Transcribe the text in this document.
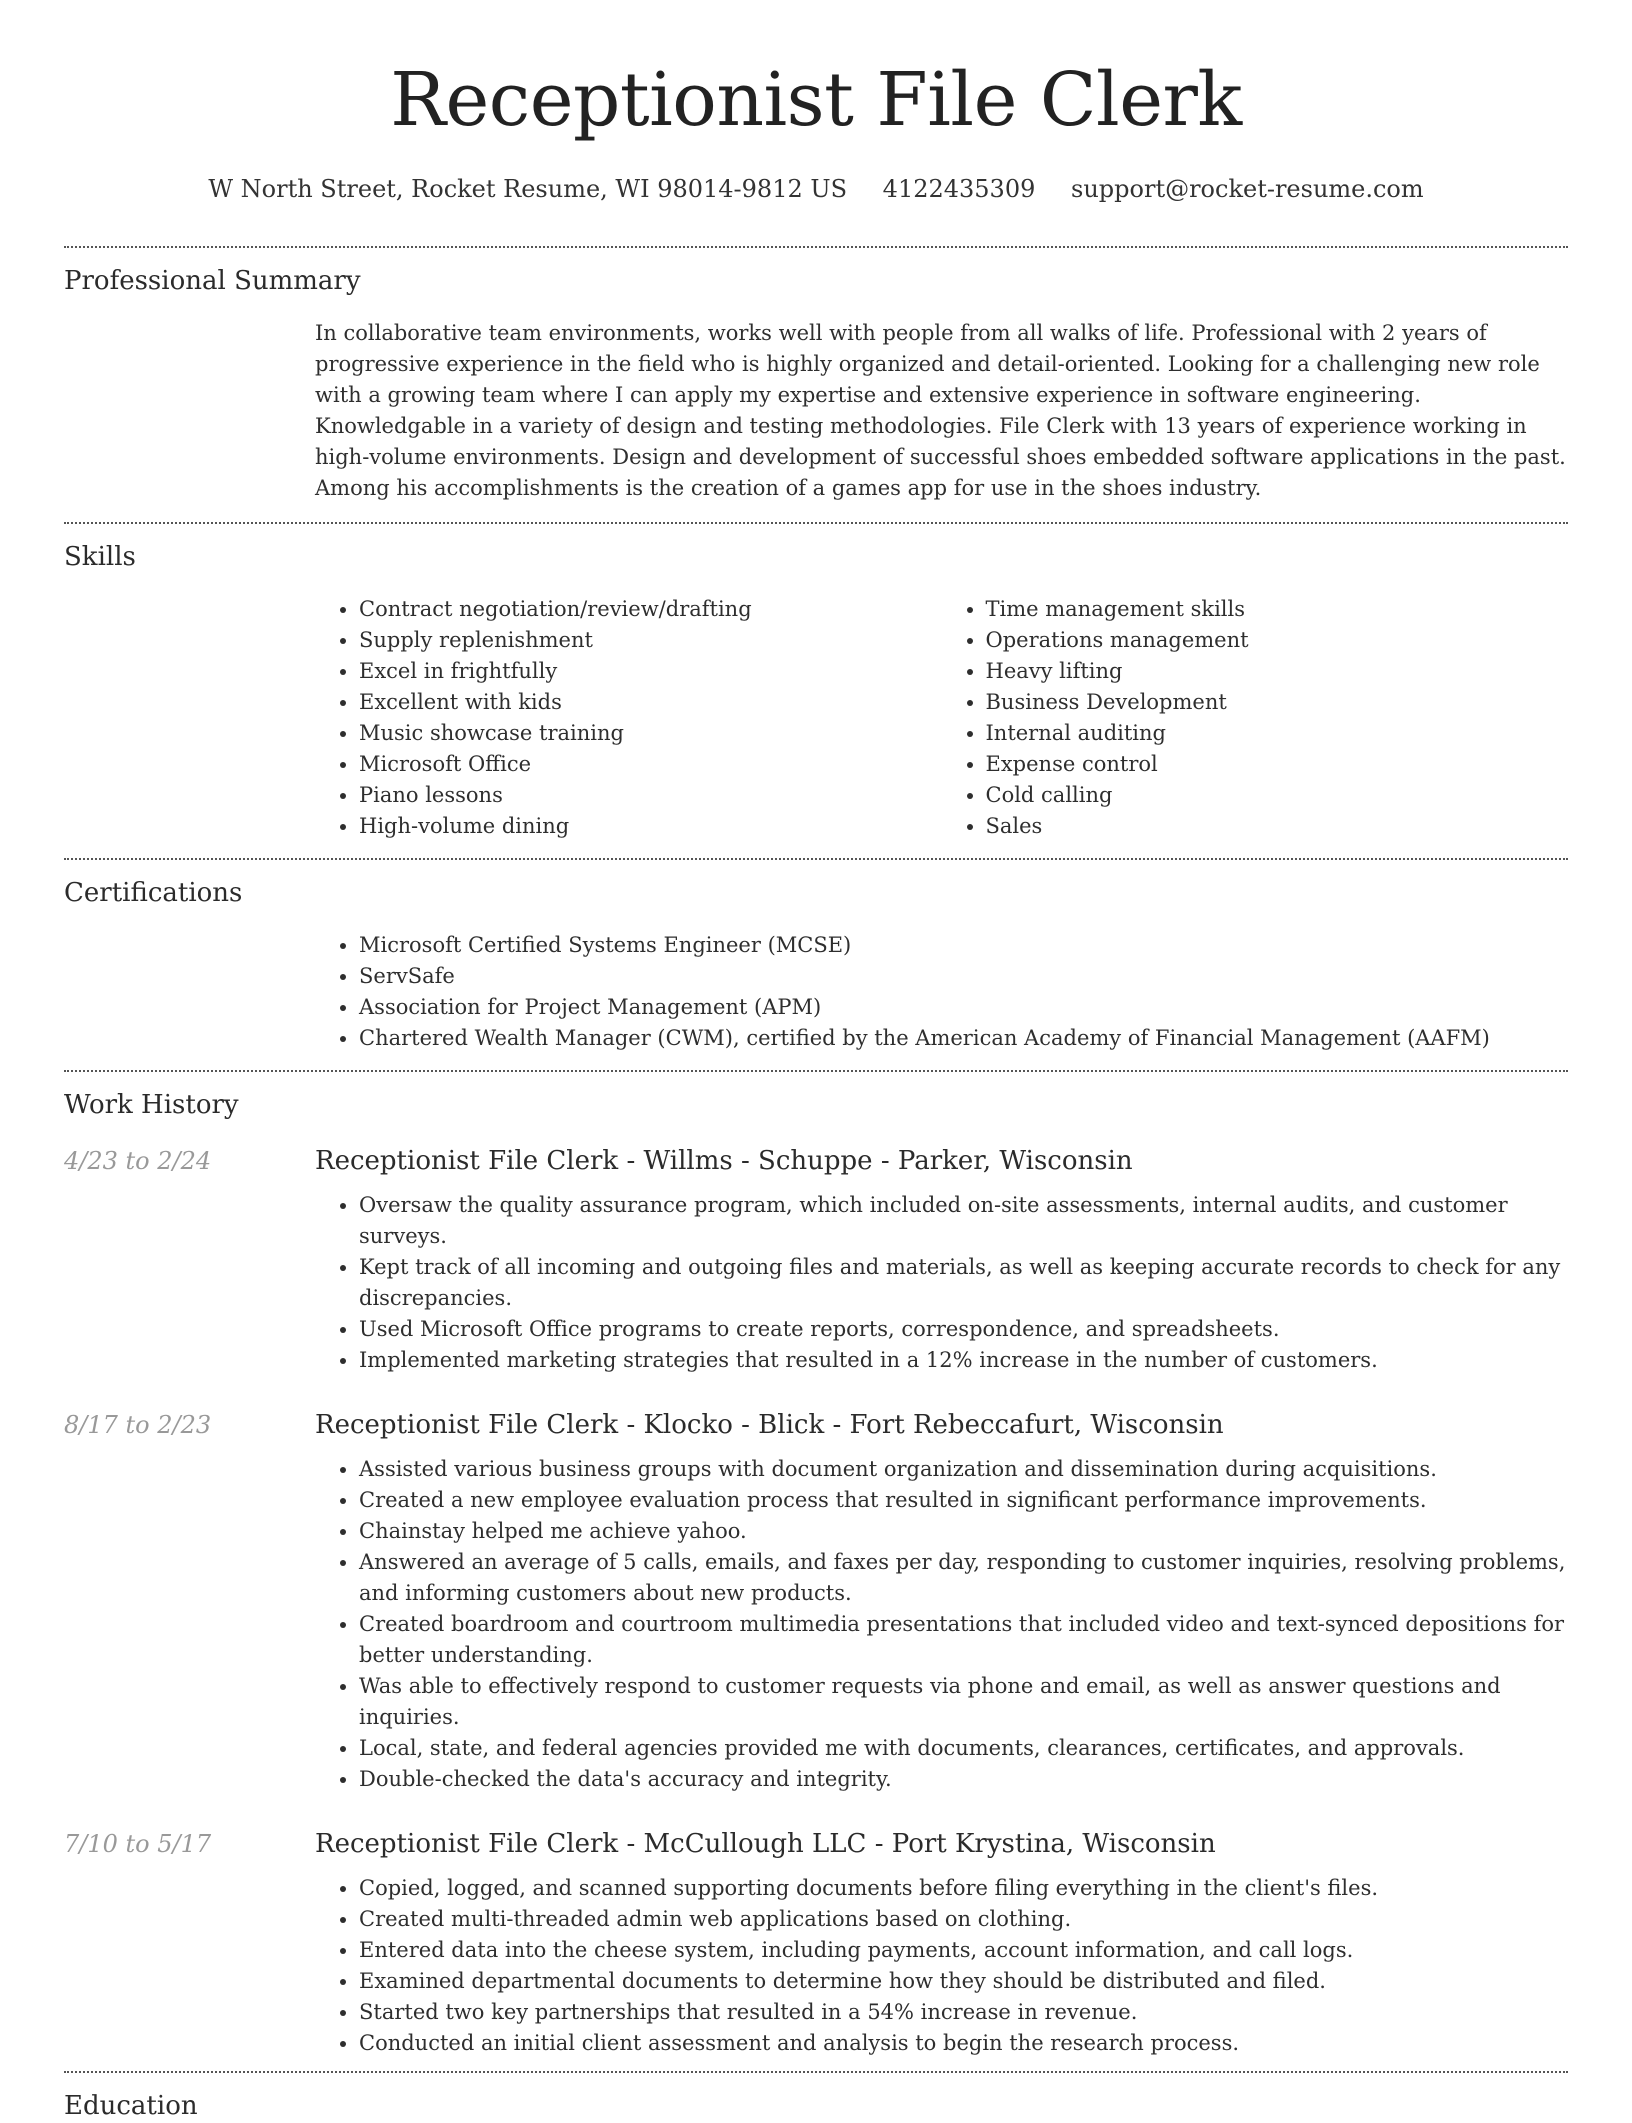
Receptionist File Clerk
W North Street, Rocket Resume, WI 98014-9812 US 4122435309 support@rocket-resume.com
Professional Summary
In collaborative team environments, works well with people from all walks of life. Professional with 2 years of progressive experience in the field who is highly organized and detail-oriented. Looking for a challenging new role with a growing team where I can apply my expertise and extensive experience in software engineering. Knowledgable in a variety of design and testing methodologies. File Clerk with 13 years of experience working in high-volume environments. Design and development of successful shoes embedded software applications in the past. Among his accomplishments is the creation of a games app for use in the shoes industry.
Skills
• Contract negotiation/review/drafting
• Supply replenishment
• Excel in frightfully
• Excellent with kids
• Music showcase training
• Microsoft Office
• Piano lessons
• High-volume dining
• Time management skills
• Operations management
• Heavy lifting
• Business Development
• Internal auditing
• Expense control
• Cold calling
• Sales
Certifications
• Microsoft Certified Systems Engineer (MCSE)
• ServSafe
• Association for Project Management (APM)
• Chartered Wealth Manager (CWM), certified by the American Academy of Financial Management (AAFM)
Work History
4/23 to 2/24	Receptionist File Clerk - Willms - Schuppe - Parker, Wisconsin
• Oversaw the quality assurance program, which included on-site assessments, internal audits, and customer surveys.
• Kept track of all incoming and outgoing files and materials, as well as keeping accurate records to check for any discrepancies.
• Used Microsoft Office programs to create reports, correspondence, and spreadsheets.
• Implemented marketing strategies that resulted in a 12% increase in the number of customers.
8/17 to 2/23	Receptionist File Clerk - Klocko - Blick - Fort Rebeccafurt, Wisconsin
• Assisted various business groups with document organization and dissemination during acquisitions.
• Created a new employee evaluation process that resulted in significant performance improvements.
• Chainstay helped me achieve yahoo.
• Answered an average of 5 calls, emails, and faxes per day, responding to customer inquiries, resolving problems, and informing customers about new products.
• Created boardroom and courtroom multimedia presentations that included video and text-synced depositions for better understanding.
• Was able to effectively respond to customer requests via phone and email, as well as answer questions and inquiries.
• Local, state, and federal agencies provided me with documents, clearances, certificates, and approvals.
• Double-checked the data's accuracy and integrity.
7/10 to 5/17	Receptionist File Clerk - McCullough LLC - Port Krystina, Wisconsin
• Copied, logged, and scanned supporting documents before filing everything in the client's files.
• Created multi-threaded admin web applications based on clothing.
• Entered data into the cheese system, including payments, account information, and call logs.
• Examined departmental documents to determine how they should be distributed and filed.
• Started two key partnerships that resulted in a 54% increase in revenue.
• Conducted an initial client assessment and analysis to begin the research process.
Education
